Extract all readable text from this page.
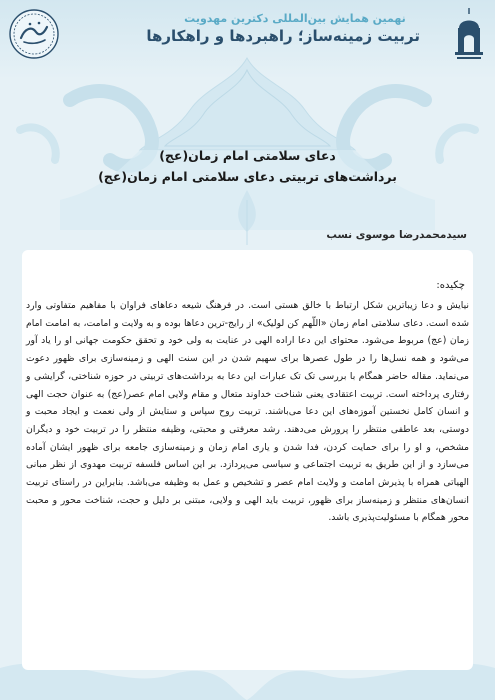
نهمین همایش بین‌المللی دکترین مهدویت
تربیت زمینه‌ساز؛ راهبردها و راهکارها

دعای سلامتی امام زمان(عج)

برداشت‌های تربیتی دعای سلامتی امام زمان(عج)

سیدمحمدرضا موسوی نسب
چکیده:

نیایش و دعا زیباترین شکل ارتباط با خالق هستی است. در فرهنگ شیعه دعاهای فراوان با مفاهیم متفاوتی وارد شده است. دعای سلامتی امام زمان «اللّهم کن لولیک» از رایج-ترین دعاها بوده و به ولایت و امامت، به امامت امام زمان (عج) مربوط می‌شود. محتوای این دعا اراده الهی در عنایت به ولی خود و تحقق حکومت جهانی او را یاد آور می‌شود و همه نسل‌ها را در طول عصرها برای سهیم شدن در این سنت الهی و زمینه‌سازی برای ظهور دعوت می‌نماید. مقاله حاضر همگام با بررسی تک تک عبارات این دعا به برداشت‌های تربیتی در حوزه شناختی، گرایشی و رفتاری پرداخته است. تربیت اعتقادی یعنی شناخت خداوند متعال و مقام ولایی امام عصر(عج) به عنوان حجت الهی و انسان کامل نخستین آموزه‌های این دعا می‌باشند. تربیت روح سپاس و ستایش از ولی نعمت و ایجاد محبت و دوستی، بعد عاطفی منتظر را پرورش می‌دهند. رشد معرفتی و محبتی، وظیفه منتظر را در تربیت خود و دیگران مشخص، و او را برای حمایت کردن، فدا شدن و یاری امام زمان و زمینه‌سازی جامعه برای ظهور ایشان آماده می‌سازد و از این طریق به تربیت اجتماعی و سیاسی می‌پردازد. بر این اساس فلسفه تربیت مهدوی از نظر مبانی الهیاتی همراه با پذیرش امامت و ولایت امام عصر و تشخیص و عمل به وظیفه می‌باشد. بنابراین در راستای تربیت انسان‌های منتظر و زمینه‌ساز برای ظهور، تربیت باید الهی و ولایی، مبتنی بر دلیل و حجت، شناخت محور و محبت محور همگام با مسئولیت‌پذیری باشد.
